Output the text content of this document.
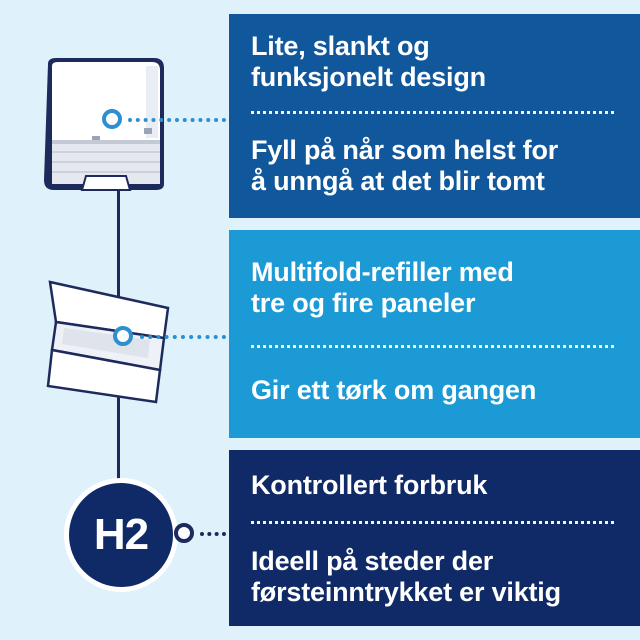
H2
Lite, slankt og
funksjonelt design
Fyll på når som helst for
å unngå at det blir tomt
Multifold-refiller med
tre og fire paneler
Gir ett tørk om gangen
Kontrollert forbruk
Ideell på steder der
førsteinntrykket er viktig
